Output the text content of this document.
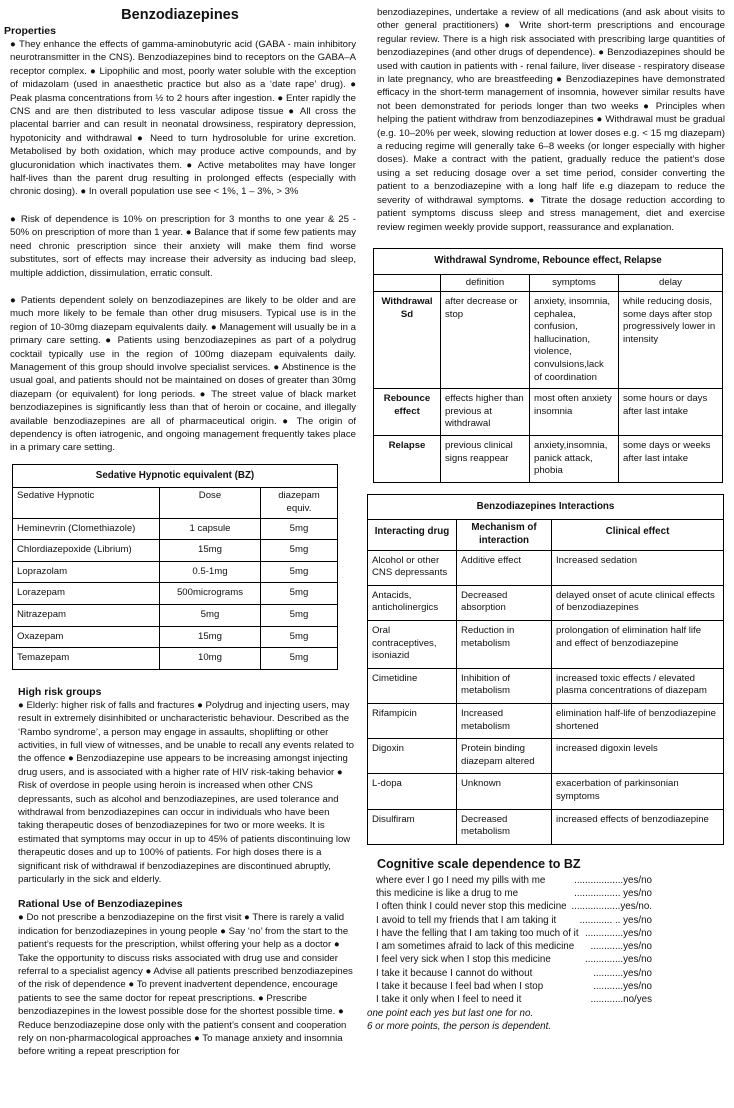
Benzodiazepines
Properties

● They enhance the effects of gamma-aminobutyric acid (GABA - main inhibitory neurotransmitter in the CNS). Benzodiazepines bind to receptors on the GABA–A receptor complex. ● Lipophilic and most, poorly water soluble with the exception of midazolam (used in anaesthetic practice but also as a ‘date rape’ drug). ● Peak plasma concentrations from ½ to 2 hours after ingestion. ● Enter rapidly the CNS and are then distributed to less vascular adipose tissue ● All cross the placental barrier and can result in neonatal drowsiness, respiratory depression, hypotonicity and withdrawal ● Need to turn hydrosoluble for urine excretion. Metabolised by both oxidation, which may produce active compounds, and by glucuronidation which inactivates them. ● Active metabolites may have longer half-lives than the parent drug resulting in prolonged effects (especially with chronic dosing). ● In overall population use see < 1%, 1 – 3%, > 3%

● Risk of dependence is 10% on prescription for 3 months to one year & 25 - 50% on prescription of more than 1 year. ● Balance that if some few patients may need chronic prescription since their anxiety will make them find worse substitutes, sort of effects may increase their adversity as inducing bad sleep, multiple addiction, dissimulation, erratic consult.

● Patients dependent solely on benzodiazepines are likely to be older and are much more likely to be female than other drug misusers. Typical use is in the region of 10-30mg diazepam equivalents daily. ● Management will usually be in a primary care setting. ● Patients using benzodiazepines as part of a polydrug cocktail typically use in the region of 100mg diazepam equivalents daily. Management of this group should involve specialist services. ● Abstinence is the usual goal, and patients should not be maintained on doses of greater than 30mg diazepam (or equivalent) for long periods. ● The street value of black market benzodiazepines is significantly less than that of heroin or cocaine, and illegally available benzodiazepines are all of pharmaceutical origin. ● The origin of dependency is often iatrogenic, and ongoing management frequently takes place in a primary care setting.

Sedative Hypnotic equivalent (BZ)		
Sedative Hypnotic	Dose	diazepam equiv.
Heminevrin (Clomethiazole)	1 capsule	5mg
Chlordiazepoxide (Librium)	15mg	5mg
Loprazolam	0.5-1mg	5mg
Lorazepam	500micrograms	5mg
Nitrazepam	5mg	5mg
Oxazepam	15mg	5mg
Temazepam	10mg	5mg
High risk groups

● Elderly: higher risk of falls and fractures ● Polydrug and injecting users, may result in extremely disinhibited or uncharacteristic behaviour. Described as the ‘Rambo syndrome’, a person may engage in assaults, shoplifting or other activities, in full view of witnesses, and be unable to recall any events related to the offence ● Benzodiazepine use appears to be increasing amongst injecting drug users, and is associated with a higher rate of HIV risk-taking behavior ● Risk of overdose in people using heroin is increased when other CNS depressants, such as alcohol and benzodiazepines, are used tolerance and withdrawal from benzodiazepines can occur in individuals who have been taking therapeutic doses of benzodiazepines for two or more weeks. It is estimated that symptoms may occur in up to 45% of patients discontinuing low therapeutic doses and up to 100% of patients. For high doses there is a significant risk of withdrawal if benzodiazepines are discontinued abruptly, particularly in the sick and elderly.

Rational Use of Benzodiazepines

● Do not prescribe a benzodiazepine on the first visit ● There is rarely a valid indication for benzodiazepines in young people ● Say ‘no’ from the start to the patient’s requests for the prescription, whilst offering your help as a doctor ● Take the opportunity to discuss risks associated with drug use and consider referral to a specialist agency ● Advise all patients prescribed benzodiazepines of the risk of dependence ● To prevent inadvertent dependence, encourage patients to see the same doctor for repeat prescriptions. ● Prescribe benzodiazepines in the lowest possible dose for the shortest possible time. ● Reduce benzodiazepine dose only with the patient’s consent and cooperation rely on non-pharmacological approaches ● To manage anxiety and insomnia before writing a repeat prescription for

benzodiazepines, undertake a review of all medications (and ask about visits to other general practitioners) ● Write short-term prescriptions and encourage regular review. There is a high risk associated with prescribing large quantities of benzodiazepines (and other drugs of dependence). ● Benzodiazepines should be used with caution in patients with - renal failure, liver disease - respiratory disease in late pregnancy, who are breastfeeding ● Benzodiazepines have demonstrated efficacy in the short-term management of insomnia, however similar results have not been demonstrated for periods longer than two weeks ● Principles when helping the patient withdraw from benzodiazepines ● Withdrawal must be gradual (e.g. 10–20% per week, slowing reduction at lower doses e.g. < 15 mg diazepam) a reducing regime will generally take 6–8 weeks (or longer especially with higher doses). Make a contract with the patient, gradually reduce the patient’s dose using a set reducing dosage over a set time period, consider converting the patient to a benzodiazepine with a long half life e.g diazepam to reduce the severity of withdrawal symptoms. ● Titrate the dosage reduction according to patient symptoms discuss sleep and stress management, diet and exercise review regimen weekly provide support, reassurance and explanation.

Withdrawal Syndrome, Rebounce effect, Relapse			
	definition	symptoms	delay
Withdrawal Sd	after decrease or stop	anxiety, insomnia, cephalea, confusion, hallucination, violence, convulsions,lack of coordination	while reducing dosis, some days after stop progressively lower in intensity
Rebounce effect	effects higher than previous at withdrawal	most often anxiety insomnia	some hours or days after last intake
Relapse	previous clinical signs reappear	anxiety,insomnia, panick attack, phobia	some days or weeks after last intake
Benzodiazepines Interactions		
Interacting drug	Mechanism of interaction	Clinical effect
Alcohol or other CNS depressants	Additive effect	Increased sedation
Antacids, anticholinergics	Decreased absorption	delayed onset of acute clinical effects of benzodiazepines
Oral contraceptives, isoniazid	Reduction in metabolism	prolongation of elimination half life and effect of benzodiazepine
Cimetidine	Inhibition of metabolism	increased toxic effects / elevated plasma concentrations of diazepam
Rifampicin	Increased metabolism	elimination half-life of benzodiazepine shortened
Digoxin	Protein binding diazepam altered	increased digoxin levels
L-dopa	Unknown	exacerbation of parkinsonian symptoms
Disulfiram	Decreased metabolism	increased effects of benzodiazepine
Cognitive scale dependence to BZ
where ever I go I need my pills with me	..................yes/no
this medicine is like a drug to me	................. yes/no
I often think I could never stop this medicine ..................yes/no.
I avoid to tell my friends that I am taking it ............ .. yes/no
I have the felling that I am taking too much of it ..............yes/no
I am sometimes afraid to lack of this medicine ............yes/no
I feel very sick when I stop this medicine	..............yes/no
I take it because I cannot do without	...........yes/no
I take it because I feel bad when I stop	...........yes/no
I take it only when I feel to need it	............no/yes
one point each yes but last one for no.
6 or more points, the person is dependent.
